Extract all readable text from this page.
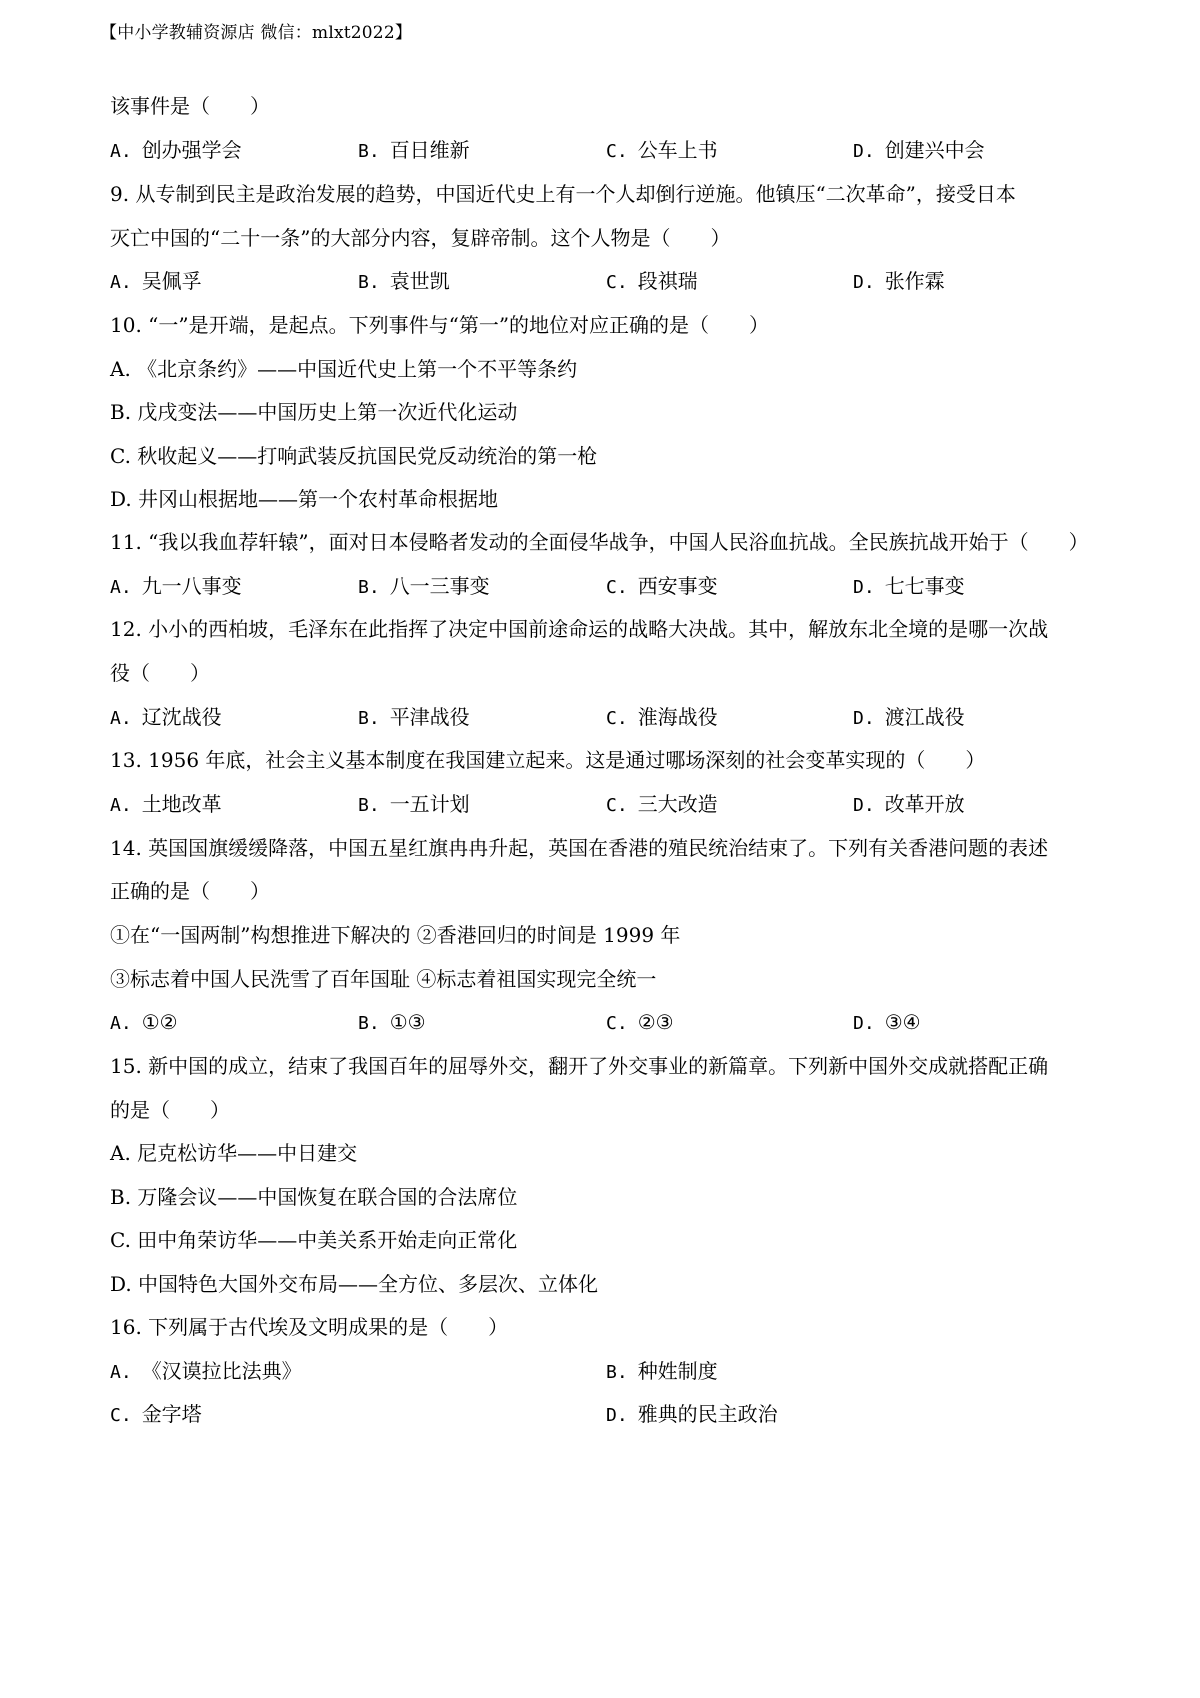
【中小学教辅资源店 微信：mlxt2022】
该事件是（　　）
A. 创办强学会	B. 百日维新	C. 公车上书	D. 创建兴中会
9. 从专制到民主是政治发展的趋势，中国近代史上有一个人却倒行逆施。他镇压“二次革命”，接受日本
灭亡中国的“二十一条”的大部分内容，复辟帝制。这个人物是（　　）
A. 吴佩孚	B. 袁世凯	C. 段祺瑞	D. 张作霖
10. “一”是开端，是起点。下列事件与“第一”的地位对应正确的是（　　）
A. 《北京条约》——中国近代史上第一个不平等条约
B. 戊戌变法——中国历史上第一次近代化运动
C. 秋收起义——打响武装反抗国民党反动统治的第一枪
D. 井冈山根据地——第一个农村革命根据地
11. “我以我血荐轩辕”，面对日本侵略者发动的全面侵华战争，中国人民浴血抗战。全民族抗战开始于（　　）
A. 九一八事变	B. 八一三事变	C. 西安事变	D. 七七事变
12. 小小的西柏坡，毛泽东在此指挥了决定中国前途命运的战略大决战。其中，解放东北全境的是哪一次战
役（　　）
A. 辽沈战役	B. 平津战役	C. 淮海战役	D. 渡江战役
13. 1956 年底，社会主义基本制度在我国建立起来。这是通过哪场深刻的社会变革实现的（　　）
A. 土地改革	B. 一五计划	C. 三大改造	D. 改革开放
14. 英国国旗缓缓降落，中国五星红旗冉冉升起，英国在香港的殖民统治结束了。下列有关香港问题的表述
正确的是（　　）
①在“一国两制”构想推进下解决的 ②香港回归的时间是 1999 年
③标志着中国人民洗雪了百年国耻 ④标志着祖国实现完全统一
A. ①②	B. ①③	C. ②③	D. ③④
15. 新中国的成立，结束了我国百年的屈辱外交，翻开了外交事业的新篇章。下列新中国外交成就搭配正确
的是（　　）
A. 尼克松访华——中日建交
B. 万隆会议——中国恢复在联合国的合法席位
C. 田中角荣访华——中美关系开始走向正常化
D. 中国特色大国外交布局——全方位、多层次、立体化
16. 下列属于古代埃及文明成果的是（　　）
A. 《汉谟拉比法典》	B. 种姓制度
C. 金字塔	D. 雅典的民主政治
